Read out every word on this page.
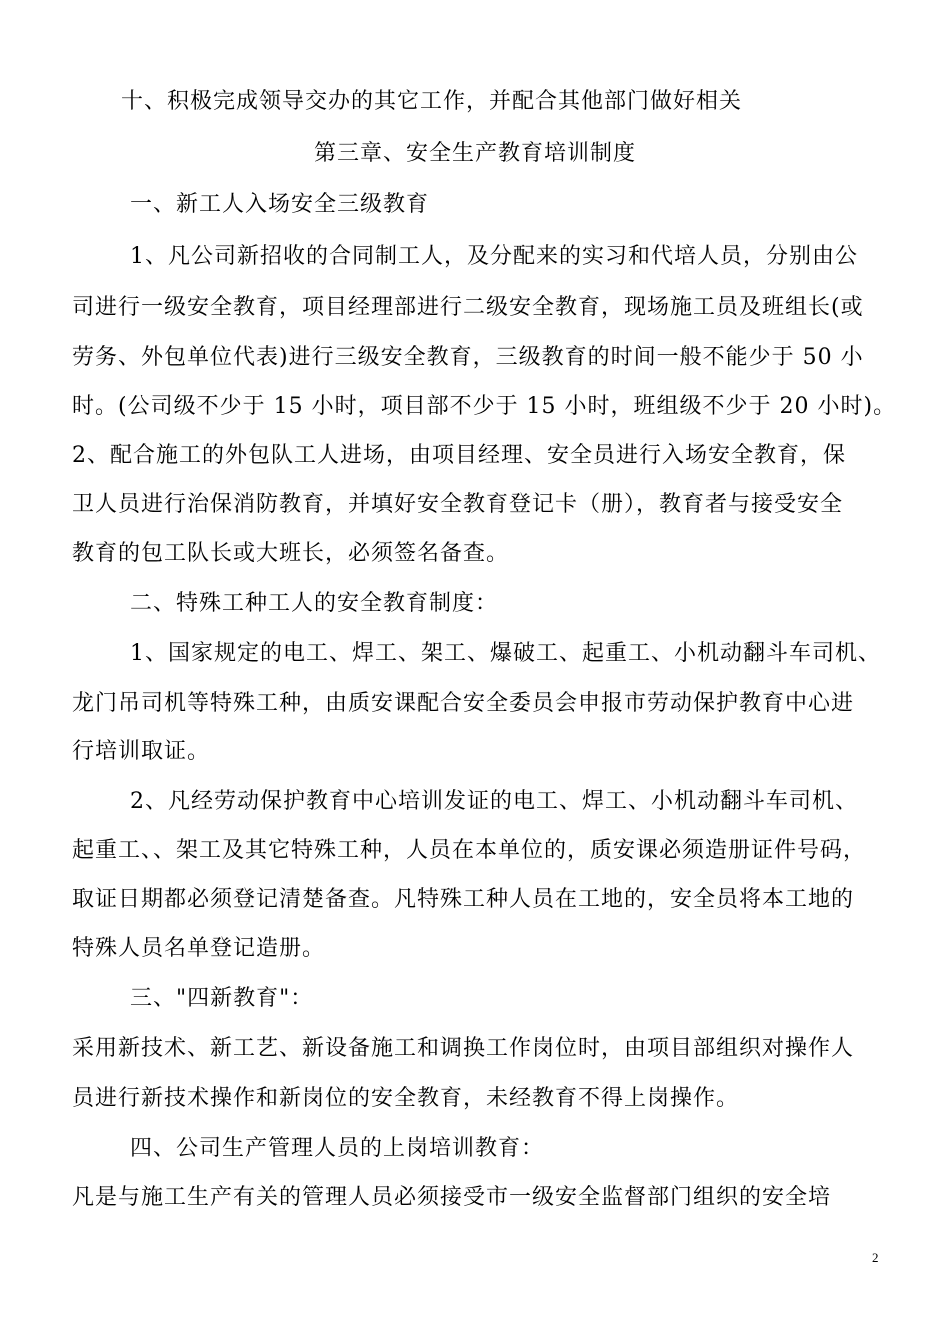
十、积极完成领导交办的其它工作，并配合其他部门做好相关
第三章、安全生产教育培训制度
一、新工人入场安全三级教育
1、凡公司新招收的合同制工人，及分配来的实习和代培人员，分别由公
司进行一级安全教育，项目经理部进行二级安全教育，现场施工员及班组长(或
劳务、外包单位代表)进行三级安全教育，三级教育的时间一般不能少于 50 小
时。(公司级不少于 15 小时，项目部不少于 15 小时，班组级不少于 20 小时)。
2、配合施工的外包队工人进场，由项目经理、安全员进行入场安全教育，保
卫人员进行治保消防教育，并填好安全教育登记卡（册），教育者与接受安全
教育的包工队长或大班长，必须签名备查。
二、特殊工种工人的安全教育制度：
1、国家规定的电工、焊工、架工、爆破工、起重工、小机动翻斗车司机、
龙门吊司机等特殊工种，由质安课配合安全委员会申报市劳动保护教育中心进
行培训取证。
2、凡经劳动保护教育中心培训发证的电工、焊工、小机动翻斗车司机、
起重工、、架工及其它特殊工种，人员在本单位的，质安课必须造册证件号码，
取证日期都必须登记清楚备查。凡特殊工种人员在工地的，安全员将本工地的
特殊人员名单登记造册。
三、"四新教育"：
采用新技术、新工艺、新设备施工和调换工作岗位时，由项目部组织对操作人
员进行新技术操作和新岗位的安全教育，未经教育不得上岗操作。
四、公司生产管理人员的上岗培训教育：
凡是与施工生产有关的管理人员必须接受市一级安全监督部门组织的安全培
2
